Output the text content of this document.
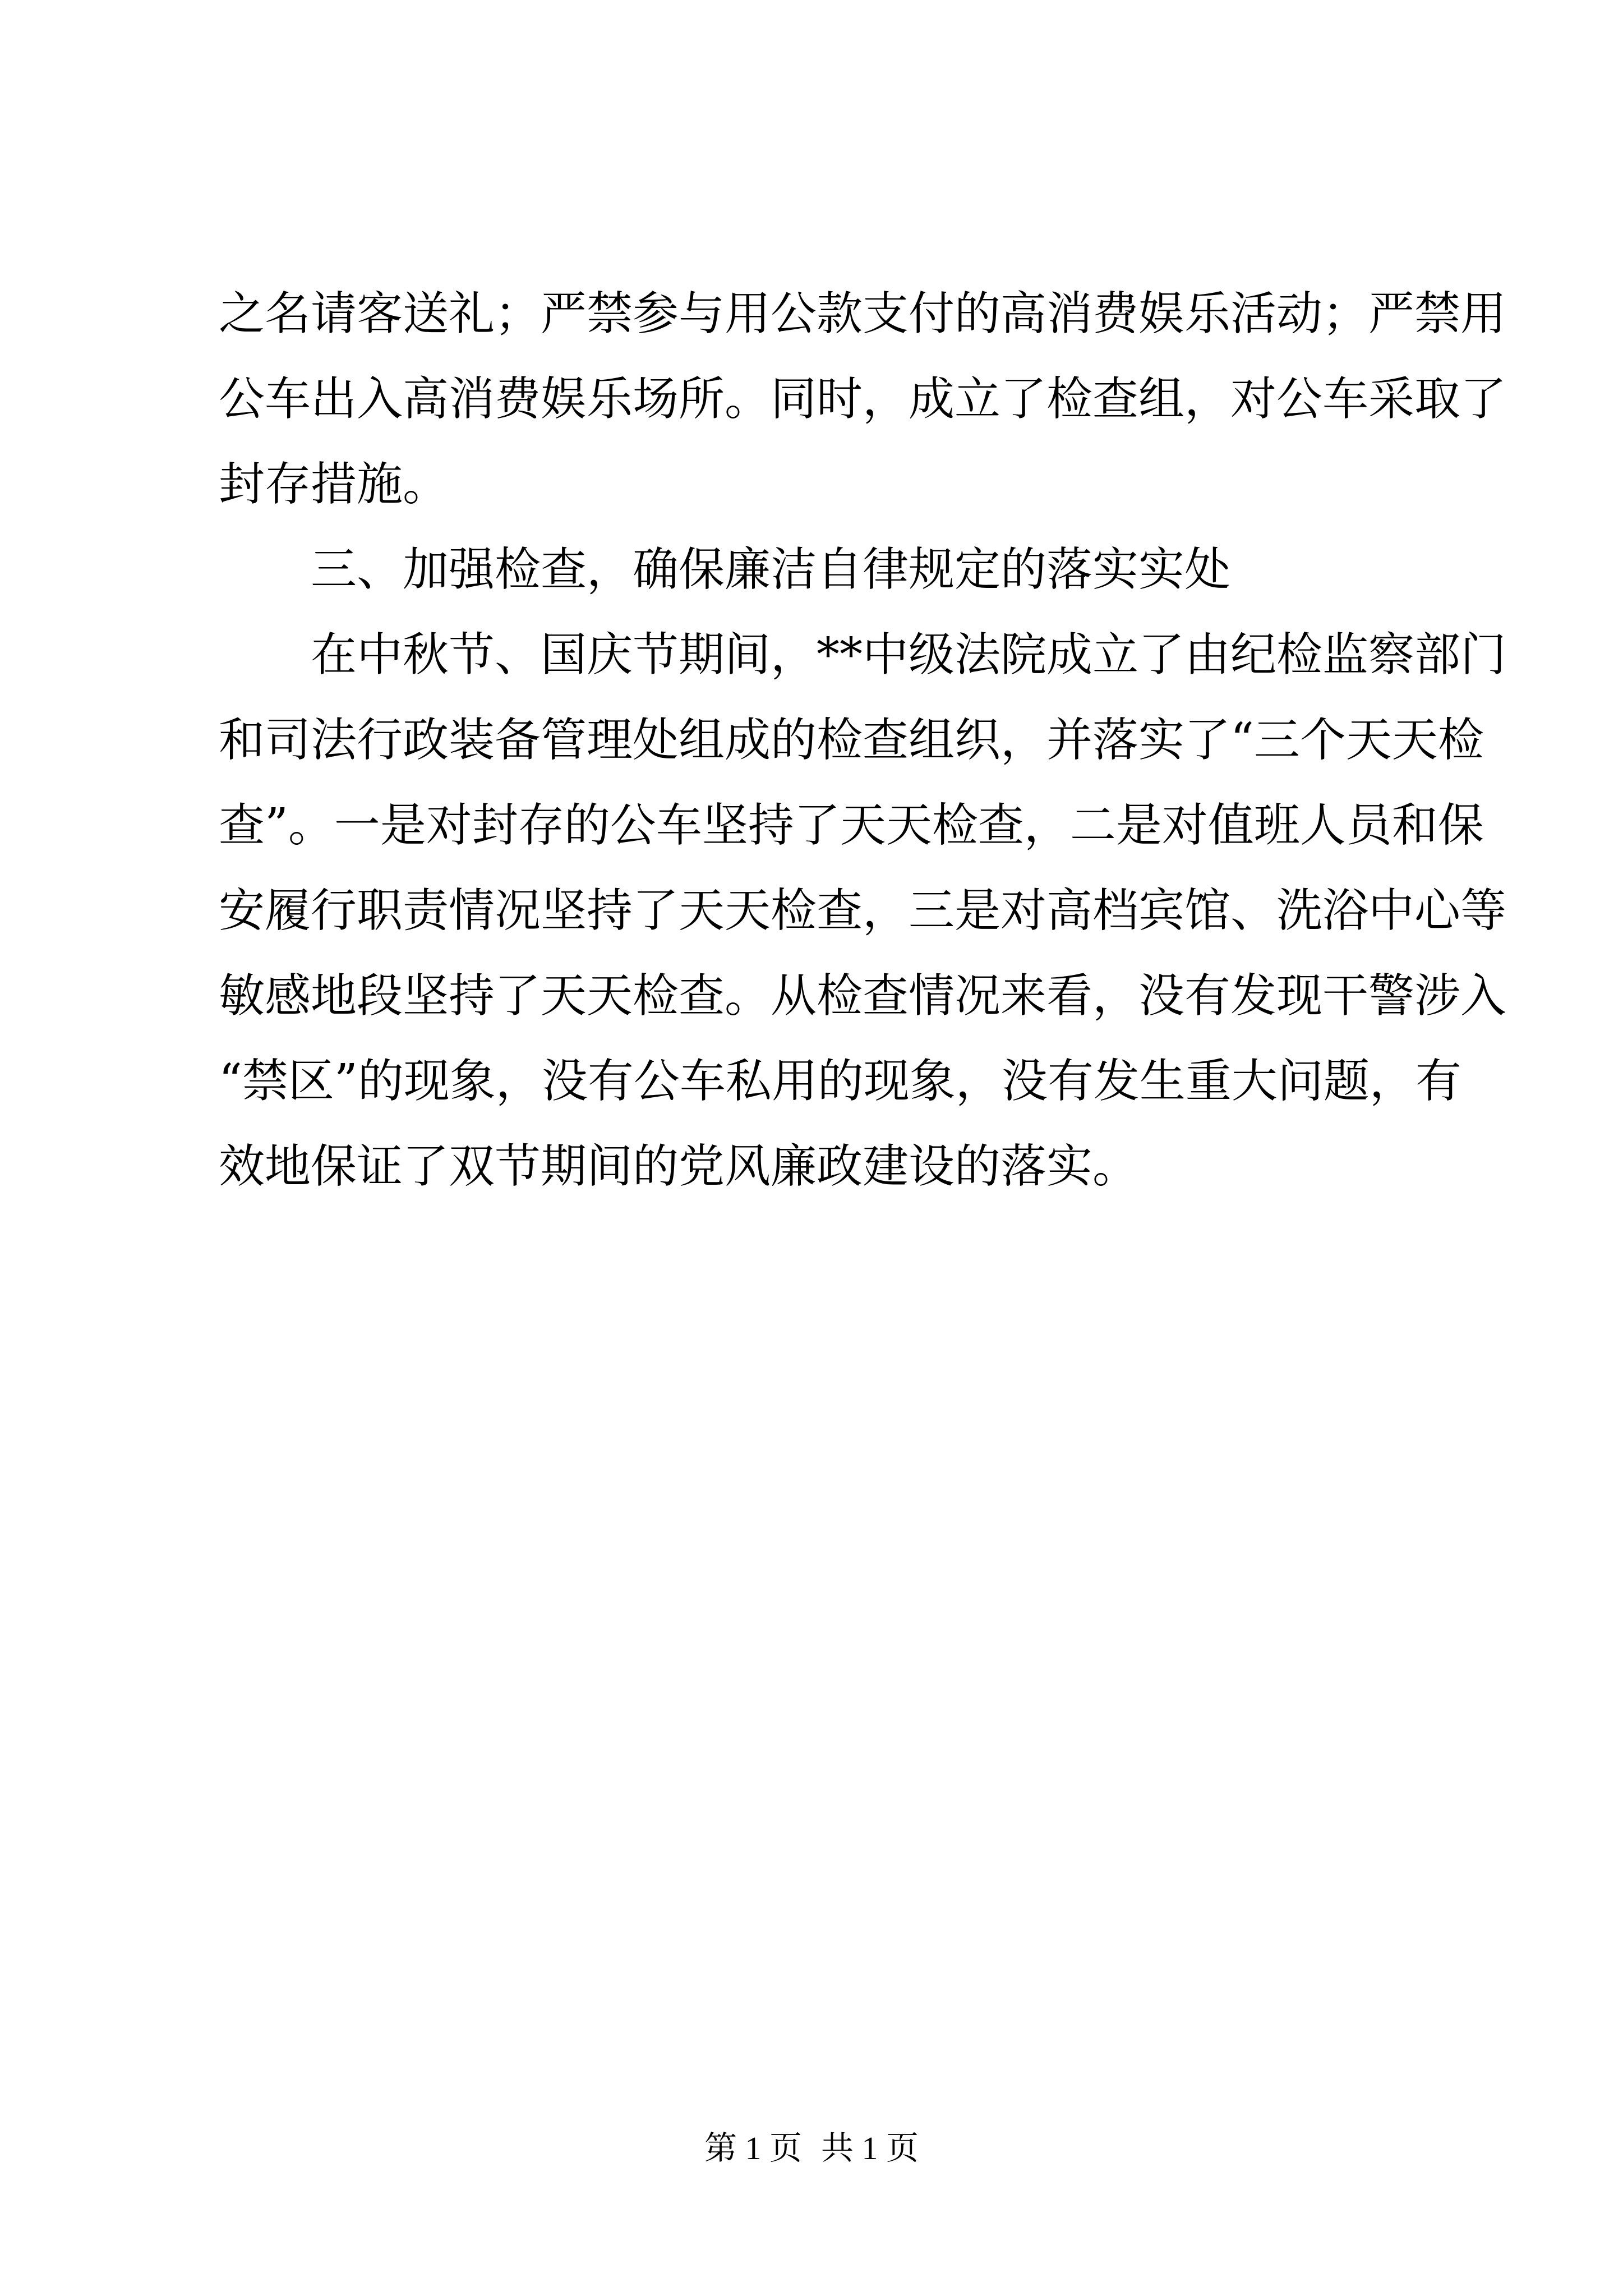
之名请客送礼；严禁参与用公款支付的高消费娱乐活动；严禁用
公车出入高消费娱乐场所。同时，成立了检查组，对公车采取了
封存措施。
三、加强检查，确保廉洁自律规定的落实实处
在中秋节、国庆节期间，**中级法院成立了由纪检监察部门
和司法行政装备管理处组成的检查组织，并落实了“三个天天检
查”。一是对封存的公车坚持了天天检查，二是对值班人员和保
安履行职责情况坚持了天天检查，三是对高档宾馆、洗浴中心等
敏感地段坚持了天天检查。从检查情况来看，没有发现干警涉入
“禁区”的现象，没有公车私用的现象，没有发生重大问题，有
效地保证了双节期间的党风廉政建设的落实。
第 1 页 共 1 页
